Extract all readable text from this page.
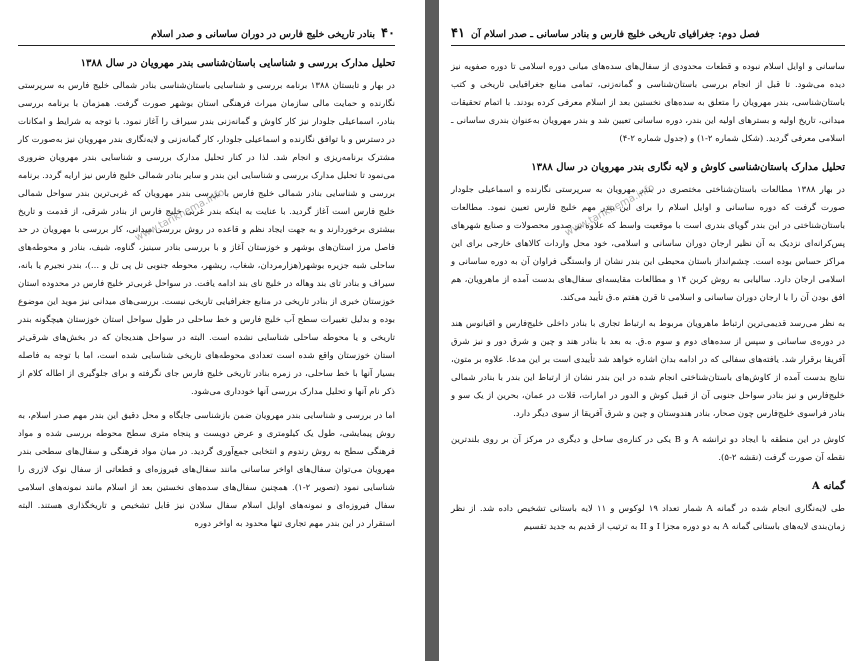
۴۰
بنادر تاریخی خلیج فارس در دوران ساسانی و صدر اسلام
تحلیل مدارک بررسی و شناسایی باستان‌شناسی بندر مهرویان در سال ۱۳۸۸

در بهار و تابستان ۱۳۸۸ برنامه بررسی و شناسایی باستان‌شناسی بنادر شمالی خلیج فارس به سرپرستی نگارنده و حمایت مالی سازمان میراث فرهنگی استان بوشهر صورت گرفت. همزمان با برنامه بررسی بنادر، اسماعیلی جلودار نیز کار کاوش و گمانه‌زنی بندر سیراف را آغاز نمود. با توجه به شرایط و امکانات در دسترس و با توافق نگارنده و اسماعیلی جلودار، کار گمانه‌زنی و لایه‌نگاری بندر مهرویان نیز به‌صورت کار مشترک برنامه‌ریزی و انجام شد. لذا در کنار تحلیل مدارک بررسی و شناسایی بندر مهرویان ضروری می‌نمود تا تحلیل مدارک بررسی و شناسایی این بندر و سایر بنادر شمالی خلیج فارس نیز ارایه گردد. برنامه بررسی و شناسایی بنادر شمالی خلیج فارس با بررسی بندر مهرویان که غربی‌ترین بندر سواحل شمالی خلیج فارس است آغاز گردید. با عنایت به اینکه بندر غربی خلیج فارس از بنادر شرقی، از قدمت و تاریخ بیشتری برخوردارند و به جهت ایجاد نظم و قاعده در روش بررسی میدانی، کار بررسی با مهرویان در حد فاصل مرز استان‌های بوشهر و خوزستان آغاز و با بررسی بنادر سینیز، گناوه، شیف، بنادر و محوطه‌های ساحلی شبه جزیره بوشهر(هزارمردان، شغاب، ریشهر، محوطه جنوبی تل پی تل و ...)، بندر نجیرم یا بانه، سیراف و بنادر تای بند وهاله در خلیج نای بند ادامه یافت. در سواحل غربی‌تر خلیج فارس در محدوده استان خوزستان خبری از بنادر تاریخی در منابع جغرافیایی تاریخی نیست. بررسی‌های میدانی نیز موید این موضوع بوده و بدلیل تغییرات سطح آب خلیج فارس و خط ساحلی در طول سواحل استان خوزستان هیچگونه بندر تاریخی و یا محوطه ساحلی شناسایی نشده است. البته در سواحل هندیجان که در بخش‌های شرقی‌تر استان خوزستان واقع شده است تعدادی محوطه‌های تاریخی شناسایی شده است، اما با توجه به فاصله بسیار آنها با خط ساحلی، در زمره بنادر تاریخی خلیج فارس جای نگرفته و برای جلوگیری از اطاله کلام از ذکر نام آنها و تحلیل مدارک بررسی آنها خودداری می‌شود.

اما در بررسی و شناسایی بندر مهرویان ضمن بازشناسی جایگاه و محل دقیق این بندر مهم صدر اسلام، به روش پیمایشی، طول یک کیلومتری و عرض دویست و پنجاه متری سطح محوطه بررسی شده و مواد فرهنگی سطح به روش رندوم و انتخابی جمع‌آوری گردید. در میان مواد فرهنگی و سفال‌های سطحی بندر مهرویان می‌توان سفال‌های اواخر ساسانی مانند سفال‌های فیروزه‌ای و قطعاتی از سفال نوک لازری را شناسایی نمود (تصویر ۲-۱). همچنین سفال‌های سده‌های نخستین بعد از اسلام مانند نمونه‌های اسلامی سفال فیروزه‌ای و نمونه‌های اوایل اسلام سفال سلادن نیز قابل تشخیص و تاریخگذاری هستند. البته استقرار در این بندر مهم تجاری تنها محدود به اواخر دوره

فصل دوم: جغرافیای تاریخی خلیج فارس و بنادر ساسانی ـ صدر اسلام آن
۴۱
ساسانی و اوایل اسلام نبوده و قطعات محدودی از سفال‌های سده‌های میانی دوره اسلامی تا دوره صفویه نیز دیده می‌شود. تا قبل از انجام بررسی باستان‌شناسی و گمانه‌زنی، تمامی منابع جغرافیایی تاریخی و کتب باستان‌شناسی، بندر مهرویان را متعلق به سده‌های نخستین بعد از اسلام معرفی کرده بودند. با اتمام تحقیقات میدانی، تاریخ اولیه و بسترهای اولیه این بندر، دوره ساسانی تعیین شد و بندر مهرویان به‌عنوان بندری ساسانی ـ اسلامی معرفی گردید. (شکل شماره ۲-۱) و (جدول شماره ۲-۴)
تحلیل مدارک باستان‌شناسی کاوش و لایه نگاری بندر مهرویان در سال ۱۳۸۸

در بهار ۱۳۸۸ مطالعات باستان‌شناختی مختصری در بندر مهرویان به سرپرستی نگارنده و اسماعیلی جلودار صورت گرفت که دوره ساسانی و اوایل اسلام را برای این بندر مهم خلیج فارس تعیین نمود. مطالعات باستان‌شناختی در این بندر گویای بندری است با موقعیت واسط که علاوه بر صدور محصولات و صنایع شهرهای پس‌کرانه‌ای نزدیک به آن نظیر ارجان دوران ساسانی و اسلامی، خود محل واردات کالاهای خارجی برای این مراکز حساس بوده است. چشم‌انداز باستان محیطی این بندر نشان از وابستگی فراوان آن به دوره ساسانی و اسلامی ارجان دارد. سالیابی به روش کربن ۱۴ و مطالعات مقایسه‌ای سفال‌های بدست آمده از ماهرویان، هم افق بودن آن را با ارجان دوران ساسانی و اسلامی تا قرن هفتم ه.ق تأیید می‌کند.

به نظر می‌رسد قدیمی‌ترین ارتباط ماهرویان مربوط به ارتباط تجاری با بنادر داخلی خلیج‌فارس و اقیانوس هند در دوره‌ی ساسانی و سپس از سده‌های دوم و سوم ه.ق. به بعد با بنادر هند و چین و شرق دور و نیز شرق آفریقا برقرار شد. یافته‌های سفالی که در ادامه بدان اشاره خواهد شد تأییدی است بر این مدعا. علاوه بر متون، نتایج بدست آمده از کاوش‌های باستان‌شناختی انجام شده در این بندر نشان از ارتباط این بندر با بنادر شمالی خلیج‌فارس و نیز بنادر سواحل جنوبی آن از قبیل کوش و الدور در امارات، قلات در عمان، بحرین از یک سو و بنادر فراسوی خلیج‌فارس چون صحار، بنادر هندوستان و چین و شرق آفریقا از سوی دیگر دارد.

کاوش در این منطقه با ایجاد دو ترانشه A و B یکی در کناره‌ی ساحل و دیگری در مرکز آن بر روی بلندترین نقطه آن صورت گرفت (نقشه ۲-۵).

گمانه A
طی لایه‌نگاری انجام شده در گمانه A شمار تعداد ۱۹ لوکوس و ۱۱ لایه باستانی تشخیص داده شد. از نظر زمان‌بندی لایه‌های باستانی گمانه A به دو دوره مجزا I و II به ترتیب از قدیم به جدید تقسیم
www.tarikhema.info	www.tarikhema.info
